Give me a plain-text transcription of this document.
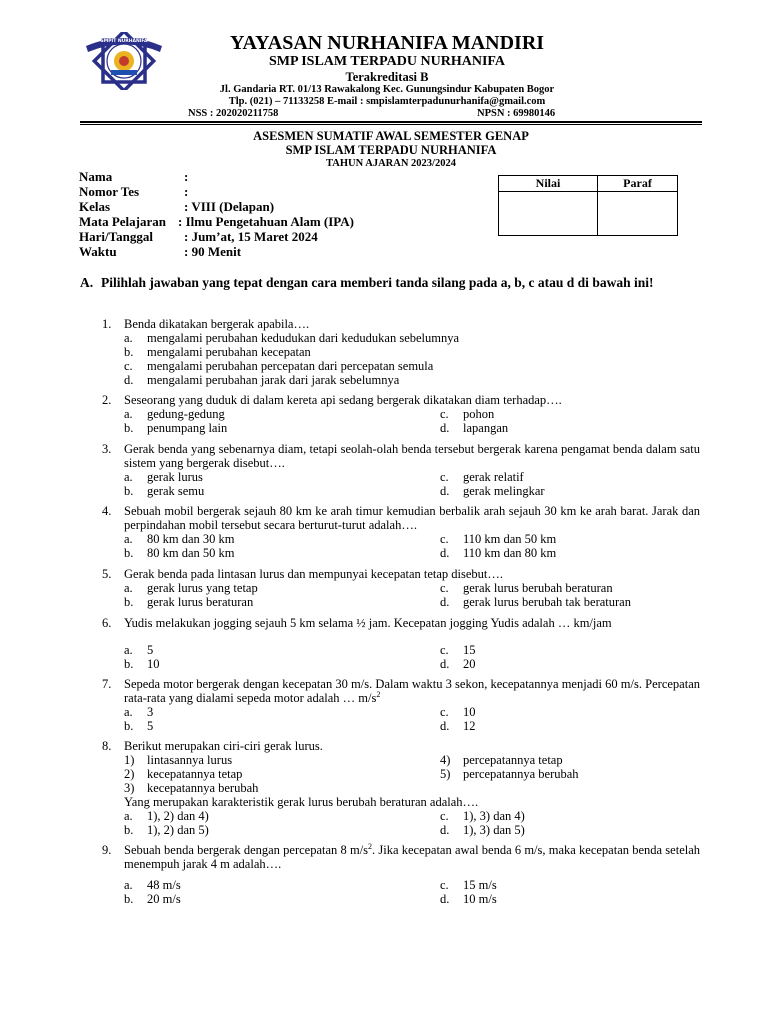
SMPIT NURHANIFA	YAYASAN NURHANIFA MANDIRI
SMP ISLAM TERPADU NURHANIFA
Terakreditasi B
Jl. Gandaria RT. 01/13 Rawakalong Kec. Gunungsindur Kabupaten Bogor
Tlp. (021) – 71133258 E-mail : smpislamterpadunurhanifa@gmail.com
NSS : 202020211758	NPSN : 69980146
ASESMEN SUMATIF AWAL SEMESTER GENAP
SMP ISLAM TERPADU NURHANIFA
TAHUN AJARAN 2023/2024
Nama	:
Nomor Tes	:
Kelas	: VIII (Delapan)
Mata Pelajaran : Ilmu Pengetahuan Alam (IPA)
Hari/Tanggal : Jum’at, 15 Maret 2024
Waktu	: 90 Menit
Nilai	Paraf

A. Pilihlah jawaban yang tepat dengan cara memberi tanda silang pada a, b, c atau d di bawah ini!
1. Benda dikatakan bergerak apabila….
a. mengalami perubahan kedudukan dari kedudukan sebelumnya
b. mengalami perubahan kecepatan
c. mengalami perubahan percepatan dari percepatan semula
d. mengalami perubahan jarak dari jarak sebelumnya
2. Seseorang yang duduk di dalam kereta api sedang bergerak dikatakan diam terhadap….
a. gedung-gedung	c. pohon
b. penumpang lain	d. lapangan
3. Gerak benda yang sebenarnya diam, tetapi seolah-olah benda tersebut bergerak karena pengamat benda dalam satu sistem yang bergerak disebut….
a. gerak lurus	c. gerak relatif
b. gerak semu	d. gerak melingkar
4. Sebuah mobil bergerak sejauh 80 km ke arah timur kemudian berbalik arah sejauh 30 km ke arah barat. Jarak dan perpindahan mobil tersebut secara berturut-turut adalah….
a. 80 km dan 30 km	c. 110 km dan 50 km
b. 80 km dan 50 km	d. 110 km dan 80 km
5. Gerak benda pada lintasan lurus dan mempunyai kecepatan tetap disebut….
a. gerak lurus yang tetap	c. gerak lurus berubah beraturan
b. gerak lurus beraturan	d. gerak lurus berubah tak beraturan
6. Yudis melakukan jogging sejauh 5 km selama ½ jam. Kecepatan jogging Yudis adalah … km/jam
a. 5	c. 15
b. 10	d. 20
7. Sepeda motor bergerak dengan kecepatan 30 m/s. Dalam waktu 3 sekon, kecepatannya menjadi 60 m/s. Percepatan rata-rata yang dialami sepeda motor adalah … $m/s^2$
a. 3	c. 10
b. 5	d. 12
8. Berikut merupakan ciri-ciri gerak lurus.
1) lintasannya lurus	4) percepatannya tetap
2) kecepatannya tetap	5) percepatannya berubah
3) kecepatannya berubah
Yang merupakan karakteristik gerak lurus berubah beraturan adalah….
a. 1), 2) dan 4)	c. 1), 3) dan 4)
b. 1), 2) dan 5)	d. 1), 3) dan 5)
9. Sebuah benda bergerak dengan percepatan 8 $m/s^2$. Jika kecepatan awal benda 6 m/s, maka kecepatan benda setelah menempuh jarak 4 m adalah….
a. 48 m/s	c. 15 m/s
b. 20 m/s	d. 10 m/s
